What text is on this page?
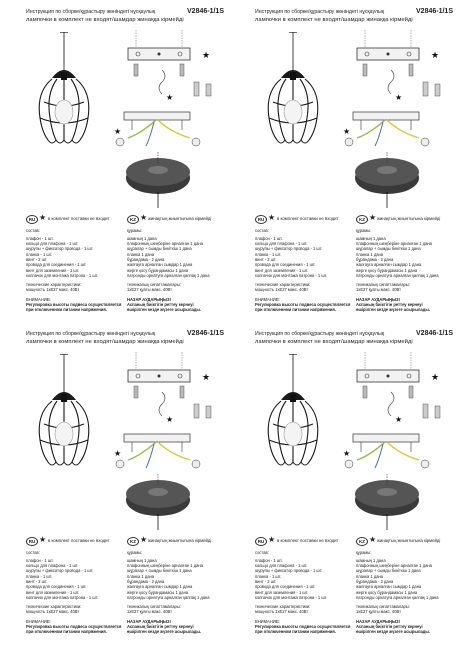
Инструкция по сборке/құрастыру жөніндегі нұсқаулық	V2846-1/1S
лампочки в комплект не входят/шамдар жинаққа кірмейді
★
★
★
RU ★ в комплект поставки не входит	KZ ★ жинақтың жиынтығына кірмейді
состав:
плафон - 1 шт.
кольцо для плафона - 1 шт.
шурупы + фиксатор провода - 1 шт.
планка - 1 шт.
винт - 2 шт.
провода для соединения - 1 шт.
винт для заземления - 1 шт.
колпачок для монтажа патрона - 1 шт.
технические характеристики:
мощность 1xE27 макс. 40Вт
ВНИМАНИЕ!
Регулировка высоты подвеса осуществляется
при отключенном питании напряжения.
құрамы:
шамның 1 дана
плафонның шеңберіне арналған 1 дана
шұралар + сымды бекіткіш 1 дана
планка 1 дана
бұрандама - 2 дана
жалғауға арналған сымдар 1 дана
жерге қосу бұрандамасы 1 дана
патронды орнатуға арналған қалпақ 1 дана
техникалық сипаттамалары:
1xE27 қуаты макс. 40Вт
НАЗАР АУДАРЫҢЫЗ!
Аспаның биіктігін реттеу кернеуі
өшірілген кезде жүзеге асырылады.
Инструкция по сборке/құрастыру жөніндегі нұсқаулық	V2846-1/1S
лампочки в комплект не входят/шамдар жинаққа кірмейді
★
★
★
RU ★ в комплект поставки не входит	KZ ★ жинақтың жиынтығына кірмейді
состав:
плафон - 1 шт.
кольцо для плафона - 1 шт.
шурупы + фиксатор провода - 1 шт.
планка - 1 шт.
винт - 2 шт.
провода для соединения - 1 шт.
винт для заземления - 1 шт.
колпачок для монтажа патрона - 1 шт.
технические характеристики:
мощность 1xE27 макс. 40Вт
ВНИМАНИЕ!
Регулировка высоты подвеса осуществляется
при отключенном питании напряжения.
құрамы:
шамның 1 дана
плафонның шеңберіне арналған 1 дана
шұралар + сымды бекіткіш 1 дана
планка 1 дана
бұрандама - 2 дана
жалғауға арналған сымдар 1 дана
жерге қосу бұрандамасы 1 дана
патронды орнатуға арналған қалпақ 1 дана
техникалық сипаттамалары:
1xE27 қуаты макс. 40Вт
НАЗАР АУДАРЫҢЫЗ!
Аспаның биіктігін реттеу кернеуі
өшірілген кезде жүзеге асырылады.
Инструкция по сборке/құрастыру жөніндегі нұсқаулық	V2846-1/1S
лампочки в комплект не входят/шамдар жинаққа кірмейді
★
★
★
RU ★ в комплект поставки не входит	KZ ★ жинақтың жиынтығына кірмейді
состав:
плафон - 1 шт.
кольцо для плафона - 1 шт.
шурупы + фиксатор провода - 1 шт.
планка - 1 шт.
винт - 2 шт.
провода для соединения - 1 шт.
винт для заземления - 1 шт.
колпачок для монтажа патрона - 1 шт.
технические характеристики:
мощность 1xE27 макс. 40Вт
ВНИМАНИЕ!
Регулировка высоты подвеса осуществляется
при отключенном питании напряжения.
құрамы:
шамның 1 дана
плафонның шеңберіне арналған 1 дана
шұралар + сымды бекіткіш 1 дана
планка 1 дана
бұрандама - 2 дана
жалғауға арналған сымдар 1 дана
жерге қосу бұрандамасы 1 дана
патронды орнатуға арналған қалпақ 1 дана
техникалық сипаттамалары:
1xE27 қуаты макс. 40Вт
НАЗАР АУДАРЫҢЫЗ!
Аспаның биіктігін реттеу кернеуі
өшірілген кезде жүзеге асырылады.
Инструкция по сборке/құрастыру жөніндегі нұсқаулық	V2846-1/1S
лампочки в комплект не входят/шамдар жинаққа кірмейді
★
★
★
RU ★ в комплект поставки не входит	KZ ★ жинақтың жиынтығына кірмейді
состав:
плафон - 1 шт.
кольцо для плафона - 1 шт.
шурупы + фиксатор провода - 1 шт.
планка - 1 шт.
винт - 2 шт.
провода для соединения - 1 шт.
винт для заземления - 1 шт.
колпачок для монтажа патрона - 1 шт.
технические характеристики:
мощность 1xE27 макс. 40Вт
ВНИМАНИЕ!
Регулировка высоты подвеса осуществляется
при отключенном питании напряжения.
құрамы:
шамның 1 дана
плафонның шеңберіне арналған 1 дана
шұралар + сымды бекіткіш 1 дана
планка 1 дана
бұрандама - 2 дана
жалғауға арналған сымдар 1 дана
жерге қосу бұрандамасы 1 дана
патронды орнатуға арналған қалпақ 1 дана
техникалық сипаттамалары:
1xE27 қуаты макс. 40Вт
НАЗАР АУДАРЫҢЫЗ!
Аспаның биіктігін реттеу кернеуі
өшірілген кезде жүзеге асырылады.
